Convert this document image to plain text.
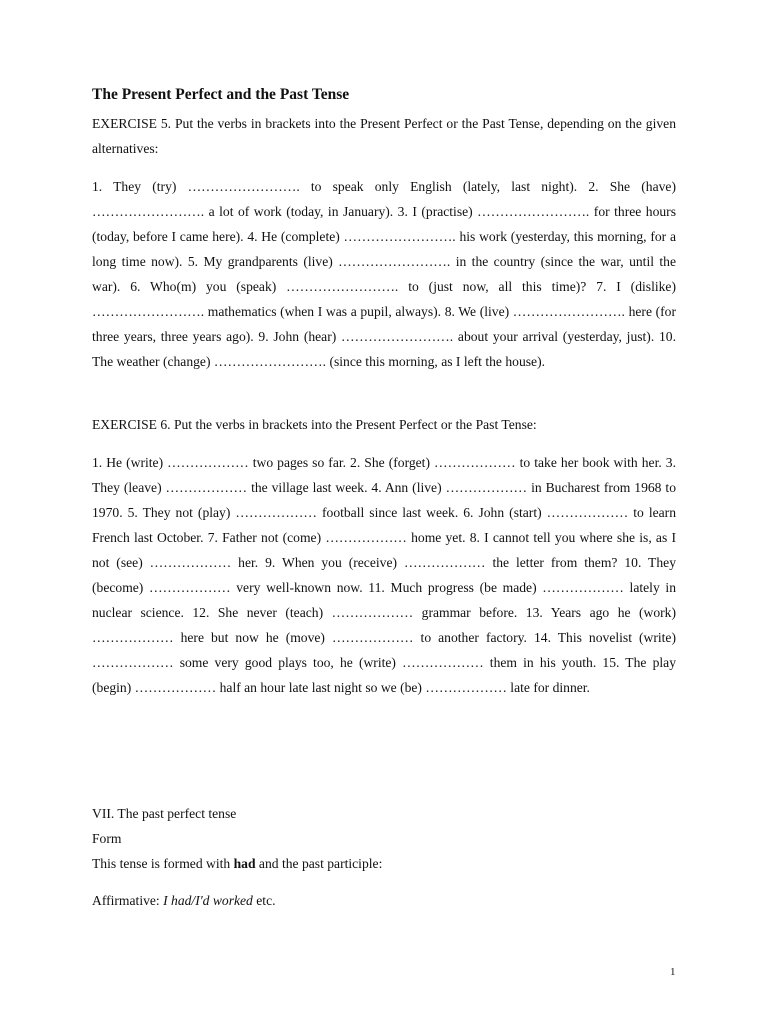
The Present Perfect and the Past Tense

EXERCISE 5. Put the verbs in brackets into the Present Perfect or the Past Tense, depending on the given alternatives:

1. They (try) ……………………. to speak only English (lately, last night). 2. She (have) ……………………. a lot of work (today, in January). 3. I (practise) ……………………. for three hours (today, before I came here). 4. He (complete) ……………………. his work (yesterday, this morning, for a long time now). 5. My grandparents (live) ……………………. in the country (since the war, until the war). 6. Who(m) you (speak) ……………………. to (just now, all this time)? 7. I (dislike) ……………………. mathematics (when I was a pupil, always). 8. We (live) ……………………. here (for three years, three years ago). 9. John (hear) ……………………. about your arrival (yesterday, just). 10. The weather (change) ……………………. (since this morning, as I left the house).

EXERCISE 6. Put the verbs in brackets into the Present Perfect or the Past Tense:

1. He (write) ……………… two pages so far. 2. She (forget) ……………… to take her book with her. 3. They (leave) ……………… the village last week. 4. Ann (live) ……………… in Bucharest from 1968 to 1970. 5. They not (play) ……………… football since last week. 6. John (start) ……………… to learn French last October. 7. Father not (come) ……………… home yet. 8. I cannot tell you where she is, as I not (see) ……………… her. 9. When you (receive) ……………… the letter from them? 10. They (become) ……………… very well-known now. 11. Much progress (be made) ……………… lately in nuclear science. 12. She never (teach) ……………… grammar before. 13. Years ago he (work) ……………… here but now he (move) ……………… to another factory. 14. This novelist (write) ……………… some very good plays too, he (write) ……………… them in his youth. 15. The play (begin) ……………… half an hour late last night so we (be) ……………… late for dinner.

VII. The past perfect tense

Form

This tense is formed with had and the past participle:

Affirmative: I had/I'd worked etc.

1
